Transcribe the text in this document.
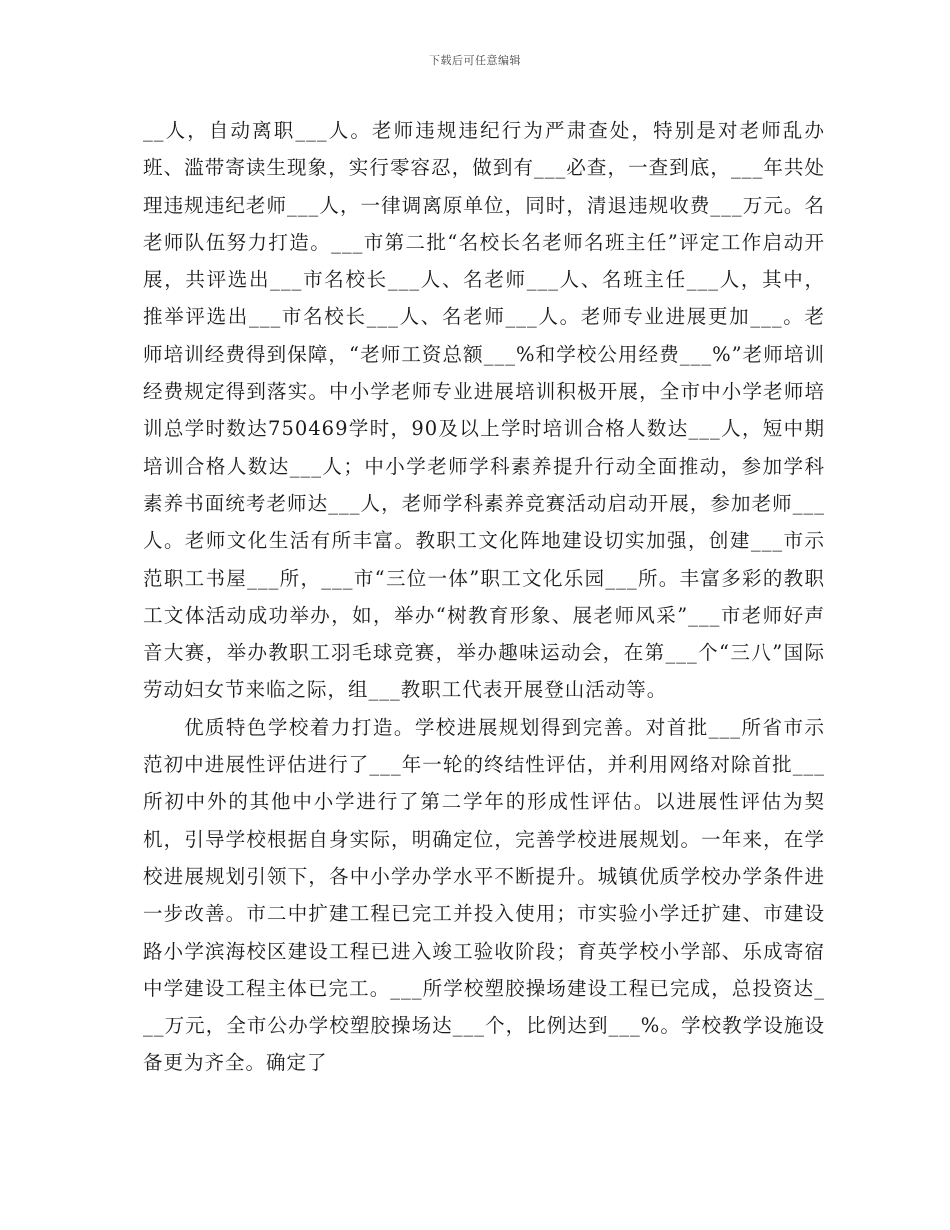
下载后可任意编辑

__人，自动离职___人。老师违规违纪行为严肃查处，特别是对老师乱办班、滥带寄读生现象，实行零容忍，做到有___必查，一查到底，___年共处理违规违纪老师___人，一律调离原单位，同时，清退违规收费___万元。名老师队伍努力打造。___市第二批“名校长名老师名班主任”评定工作启动开展，共评选出___市名校长___人、名老师___人、名班主任___人，其中，推举评选出___市名校长___人、名老师___人。老师专业进展更加___。老师培训经费得到保障，“老师工资总额___%和学校公用经费___%”老师培训经费规定得到落实。中小学老师专业进展培训积极开展，全市中小学老师培训总学时数达750469学时，90及以上学时培训合格人数达___人，短中期培训合格人数达___人；中小学老师学科素养提升行动全面推动，参加学科素养书面统考老师达___人，老师学科素养竞赛活动启动开展，参加老师___人。老师文化生活有所丰富。教职工文化阵地建设切实加强，创建___市示范职工书屋___所，___市“三位一体”职工文化乐园___所。丰富多彩的教职工文体活动成功举办，如，举办“树教育形象、展老师风采”___市老师好声音大赛，举办教职工羽毛球竞赛，举办趣味运动会，在第___个“三八”国际劳动妇女节来临之际，组___教职工代表开展登山活动等。

优质特色学校着力打造。学校进展规划得到完善。对首批___所省市示范初中进展性评估进行了___年一轮的终结性评估，并利用网络对除首批___所初中外的其他中小学进行了第二学年的形成性评估。以进展性评估为契机，引导学校根据自身实际，明确定位，完善学校进展规划。一年来，在学校进展规划引领下，各中小学办学水平不断提升。城镇优质学校办学条件进一步改善。市二中扩建工程已完工并投入使用；市实验小学迁扩建、市建设路小学滨海校区建设工程已进入竣工验收阶段；育英学校小学部、乐成寄宿中学建设工程主体已完工。___所学校塑胶操场建设工程已完成，总投资达___万元，全市公办学校塑胶操场达___个，比例达到___%。学校教学设施设备更为齐全。确定了
